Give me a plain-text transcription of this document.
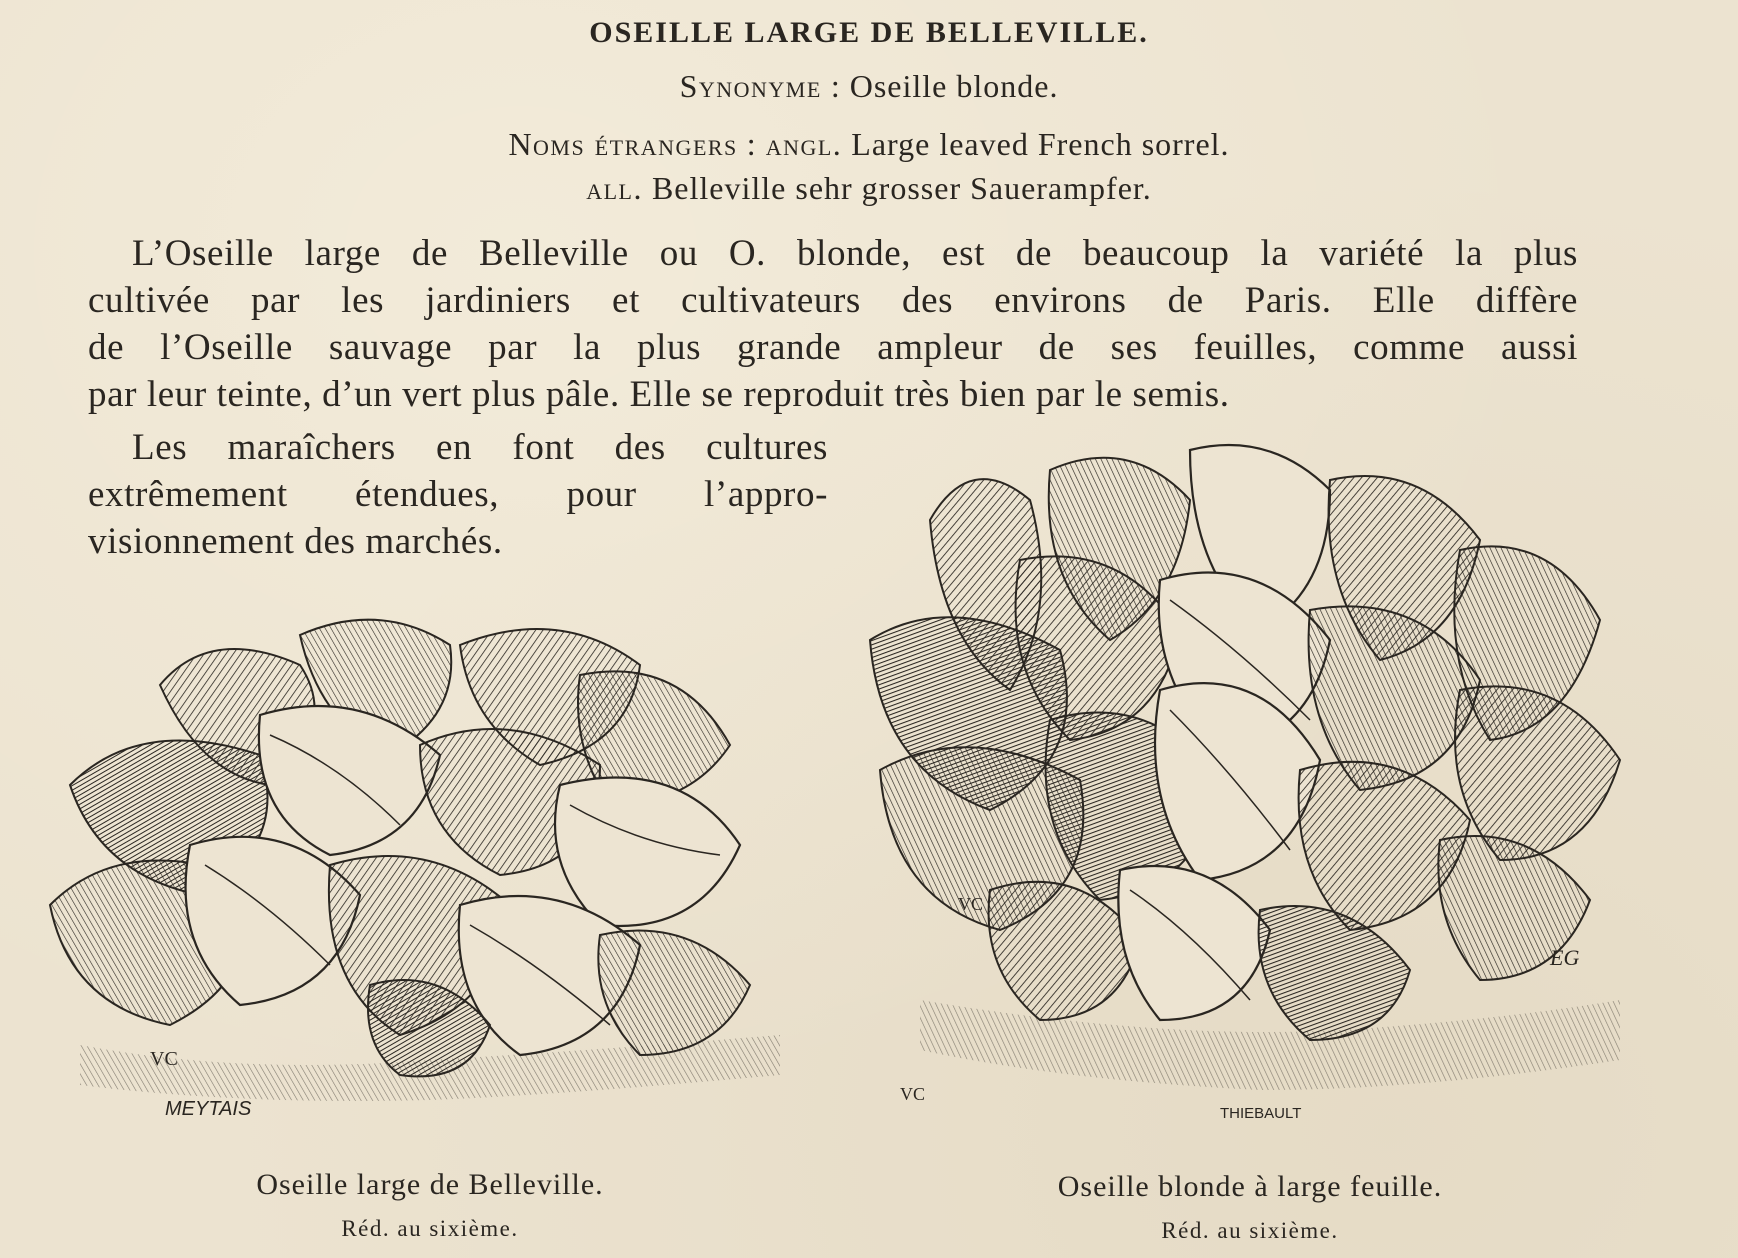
OSEILLE LARGE DE BELLEVILLE.
Synonyme : Oseille blonde.
Noms étrangers : angl. Large leaved French sorrel.
all. Belleville sehr grosser Sauerampfer.
L’Oseille large de Belleville ou O. blonde, est de beaucoup la variété la plus
cultivée par les jardiniers et cultivateurs des environs de Paris. Elle diffère
de l’Oseille sauvage par la plus grande ampleur de ses feuilles, comme aussi
par leur teinte, d’un vert plus pâle. Elle se reproduit très bien par le semis.
Les maraîchers en font des cultures
extrêmement étendues, pour l’appro-
visionnement des marchés.
VC
MEYTAIS
VC
EG
VC
THIEBAULT
Oseille large de Belleville.
Réd. au sixième.
Oseille blonde à large feuille.
Réd. au sixième.
